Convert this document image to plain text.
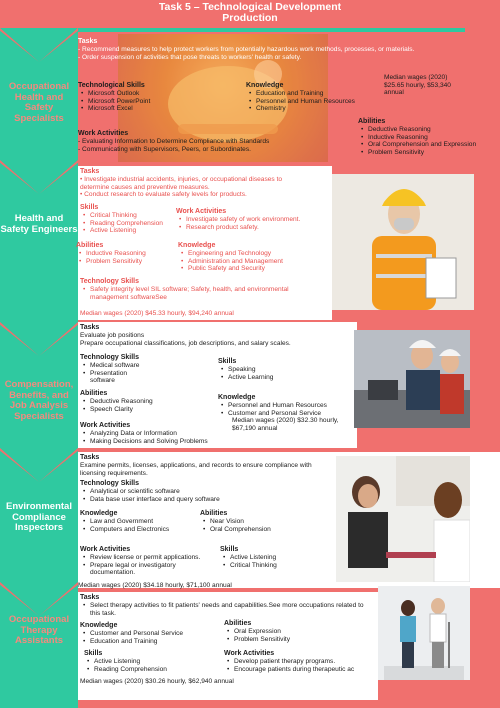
Task 5 – Technological Development
Production
Occupational Health and Safety Specialists
Health and Safety Engineers
Compensation, Benefits, and Job Analysis Specialists
Environmental Compliance Inspectors
Occupational Therapy Assistants
Tasks
- Recommend measures to help protect workers from potentially hazardous work methods, processes, or materials.
- Order suspension of activities that pose threats to workers' health or safety.
Technological Skills
• Microsoft Outlook
• Microsoft PowerPoint
• Microsoft Excel
Knowledge
• Education and Training
• Personnel and Human Resources
• Chemistry
Median wages (2020) $25.65 hourly, $53,340 annual
Abilities
• Deductive Reasoning
• Inductive Reasoning
• Oral Comprehension and Expression
• Problem Sensitivity
Work Activities
- Evaluating Information to Determine Compliance with Standards
- Communicating with Supervisors, Peers, or Subordinates.
Tasks
• Investigate industrial accidents, injuries, or occupational diseases to determine causes and preventive measures.
• Conduct research to evaluate safety levels for products.
Skills
• Critical Thinking
• Reading Comprehension
• Active Listening
Work Activities
• Investigate safety of work environment.
• Research product safety.
Abilities
• Inductive Reasoning
• Problem Sensitivity
Knowledge
• Engineering and Technology
• Administration and Management
• Public Safety and Security
Technology Skills
• Safety integrity level SIL software; Safety, health, and environmental management softwareSee
Median wages (2020) $45.33 hourly, $94,240 annual
Tasks
Evaluate job positions
Prepare occupational classifications, job descriptions, and salary scales.
Technology Skills
• Medical software
• Presentation software
Skills
• Speaking
• Active Learning
Abilities
• Deductive Reasoning
• Speech Clarity
Knowledge
• Personnel and Human Resources
• Customer and Personal Service
Median wages (2020) $32.30 hourly, $67,190 annual
Work Activities
• Analyzing Data or Information
• Making Decisions and Solving Problems
Tasks
Examine permits, licenses, applications, and records to ensure compliance with licensing requirements.
Technology Skills
• Analytical or scientific software
• Data base user interface and query software
Knowledge
• Law and Government
• Computers and Electronics
Abilities
• Near Vision
• Oral Comprehension
Work Activities
• Review license or permit applications.
• Prepare legal or investigatory documentation.
Skills
• Active Listening
• Critical Thinking
Median wages (2020) $34.18 hourly, $71,100 annual
Tasks
• Select therapy activities to fit patients' needs and capabilities.See more occupations related to this task.
Knowledge
• Customer and Personal Service
• Education and Training
Abilities
• Oral Expression
• Problem Sensitivity
Skills
• Active Listening
• Reading Comprehension
Work Activities
• Develop patient therapy programs.
• Encourage patients during therapeutic ac
Median wages (2020) $30.26 hourly, $62,940 annual
